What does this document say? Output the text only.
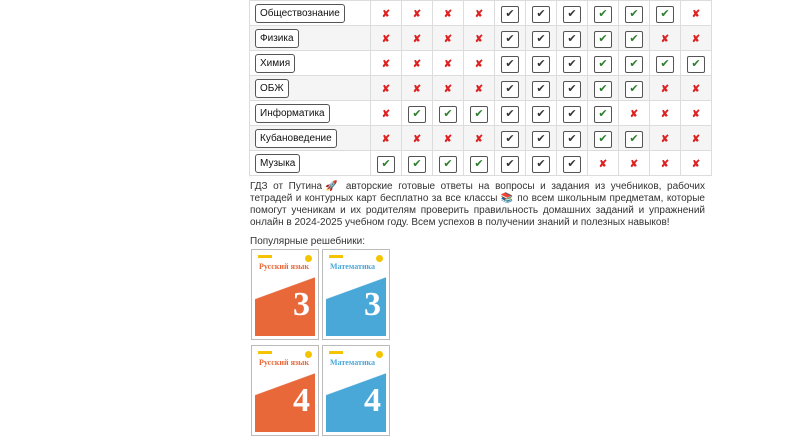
Обществознание	✘	✘	✘	✘	✔	✔	✔	✔	✔	✔	✘
Физика	✘	✘	✘	✘	✔	✔	✔	✔	✔	✘	✘
Химия	✘	✘	✘	✘	✔	✔	✔	✔	✔	✔	✔
ОБЖ	✘	✘	✘	✘	✔	✔	✔	✔	✔	✘	✘
Информатика	✘	✔	✔	✔	✔	✔	✔	✔	✘	✘	✘
Кубановедение	✘	✘	✘	✘	✔	✔	✔	✔	✔	✘	✘
Музыка	✔	✔	✔	✔	✔	✔	✔	✘	✘	✘	✘
ГДЗ от Путина🚀 авторские готовые ответы на вопросы и задания из учебников, рабочих тетрадей и контурных карт бесплатно за все классы 📚 по всем школьным предметам, которые помогут ученикам и их родителям проверить правильность домашних заданий и упражнений онлайн в 2024-2025 учебном году. Всем успехов в получении знаний и полезных навыков!
Популярные решебники:
Русский язык
3
Математика
3
Русский язык
4
Математика
4
